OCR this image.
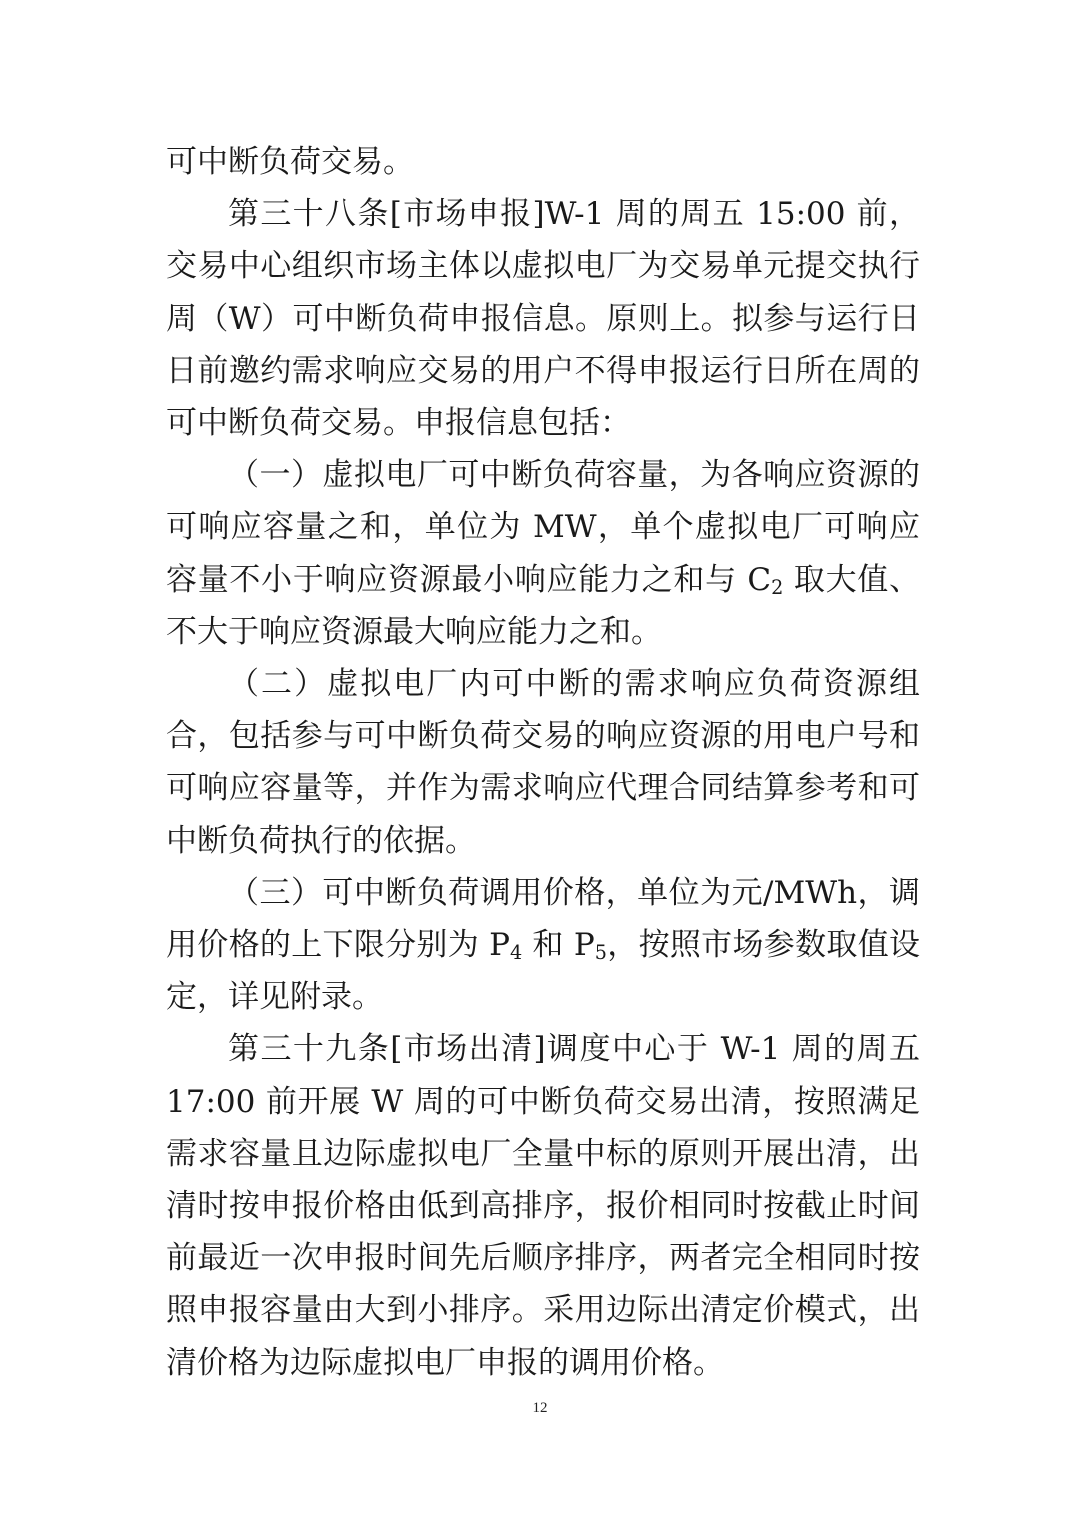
可中断负荷交易。

第三十八条[市场申报]W-1 周的周五 15:00 前，交易中心组织市场主体以虚拟电厂为交易单元提交执行周（W）可中断负荷申报信息。原则上。拟参与运行日日前邀约需求响应交易的用户不得申报运行日所在周的可中断负荷交易。申报信息包括：

（一）虚拟电厂可中断负荷容量，为各响应资源的可响应容量之和，单位为 MW，单个虚拟电厂可响应容量不小于响应资源最小响应能力之和与 $C_2$ 取大值、不大于响应资源最大响应能力之和。

（二）虚拟电厂内可中断的需求响应负荷资源组合，包括参与可中断负荷交易的响应资源的用电户号和可响应容量等，并作为需求响应代理合同结算参考和可中断负荷执行的依据。

（三）可中断负荷调用价格，单位为元/MWh，调用价格的上下限分别为 $P_4$ 和 $P_5$，按照市场参数取值设定，详见附录。

第三十九条[市场出清]调度中心于 W-1 周的周五 17:00 前开展 W 周的可中断负荷交易出清，按照满足需求容量且边际虚拟电厂全量中标的原则开展出清，出清时按申报价格由低到高排序，报价相同时按截止时间前最近一次申报时间先后顺序排序，两者完全相同时按照申报容量由大到小排序。采用边际出清定价模式，出清价格为边际虚拟电厂申报的调用价格。

12
